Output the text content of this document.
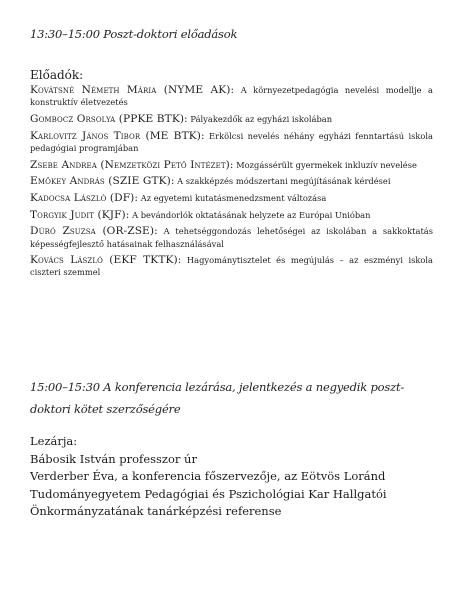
13:30–15:00 Poszt-doktori előadások
Előadók:

Kovátsné Németh Mária (NYME AK): A környezetpedagógia nevelési modellje a konstruktív életvezetés

Gombocz Orsolya (PPKE BTK): Pályakezdők az egyházi iskolában

Karlovitz János Tibor (ME BTK): Erkölcsi nevelés néhány egyházi fenntartású iskola pedagógiai programjában

Zsebe Andrea (Nemzetközi Pető Intézet): Mozgássérült gyermekek inkluzív nevelése

Emőkey András (SZIE GTK): A szakképzés módszertani megújításának kérdései

Kadocsa László (DF): Az egyetemi kutatásmenedzsment változása

Torgyik Judit (KJF): A bevándorlók oktatásának helyzete az Európai Unióban

Dúró Zsuzsa (OR-ZSE): A tehetséggondozás lehetőségei az iskolában a sakkoktatás képességfejlesztő hatásainak felhasználásával

Kovács László (EKF TKTK): Hagyománytisztelet és megújulás – az eszményi iskola ciszteri szemmel

15:00–15:30 A konferencia lezárása, jelentkezés a negyedik poszt-doktori kötet szerzőségére
Lezárja:
Bábosik István professzor úr
Verderber Éva, a konferencia főszervezője, az Eötvös Loránd
Tudományegyetem Pedagógiai és Pszichológiai Kar Hallgatói
Önkormányzatának tanárképzési referense
